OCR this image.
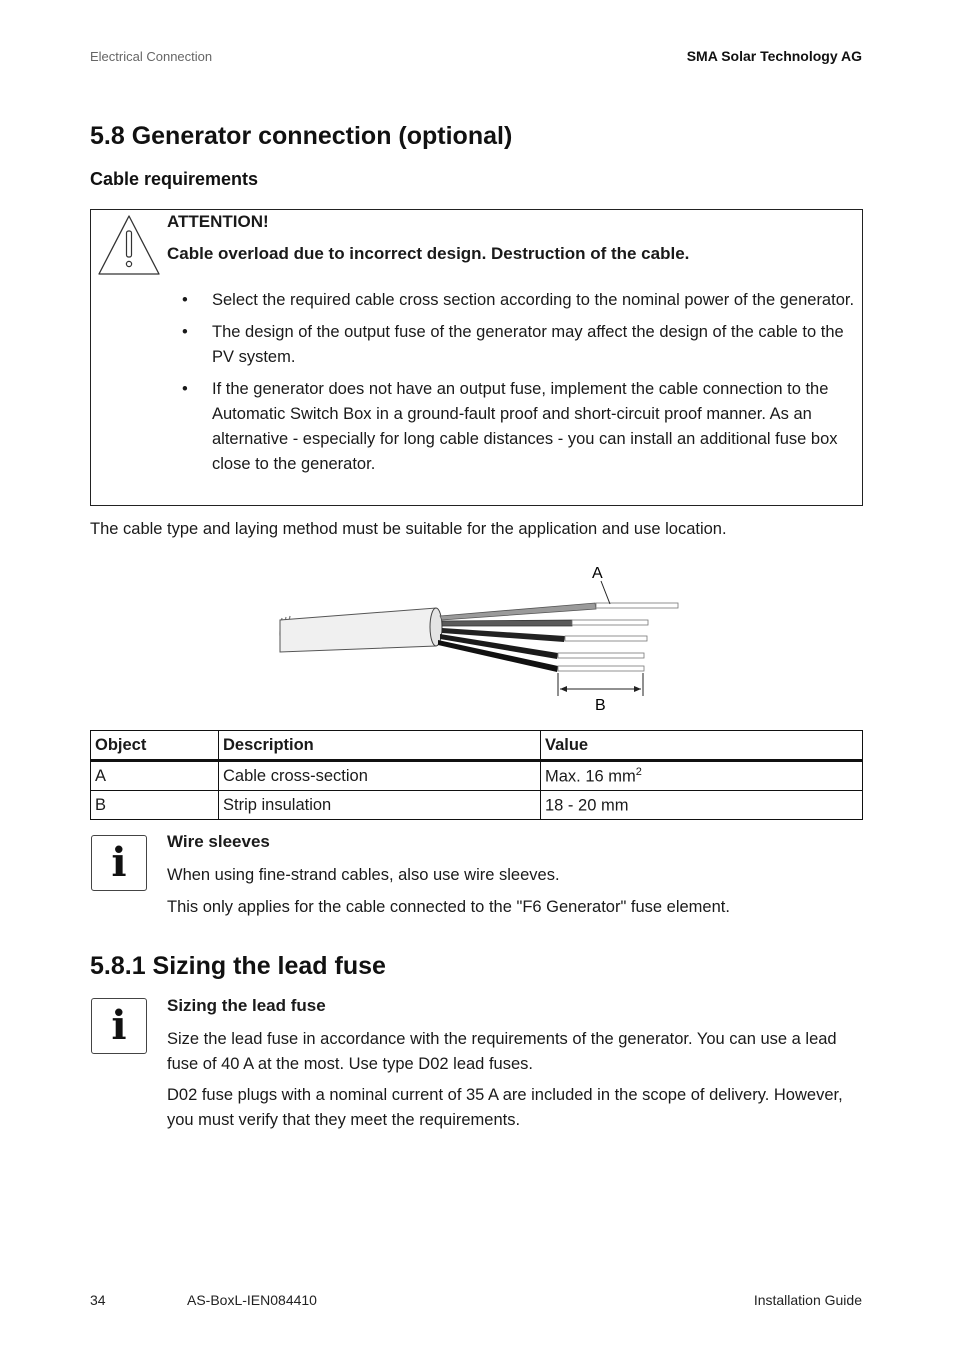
Electrical Connection	SMA Solar Technology AG
5.8 Generator connection (optional)
Cable requirements
ATTENTION!
Cable overload due to incorrect design. Destruction of the cable.
• Select the required cable cross section according to the nominal power of the generator.
• The design of the output fuse of the generator may affect the design of the cable to the PV system.
• If the generator does not have an output fuse, implement the cable connection to the Automatic Switch Box in a ground-fault proof and short-circuit proof manner. As an alternative - especially for long cable distances - you can install an additional fuse box close to the generator.
The cable type and laying method must be suitable for the application and use location.
A
B
Object	Description	Value
A	Cable cross-section	Max. 16 $mm^2$
B	Strip insulation	18 - 20 mm
i	Wire sleeves
When using fine-strand cables, also use wire sleeves.
This only applies for the cable connected to the "F6 Generator" fuse element.
5.8.1 Sizing the lead fuse
i	Sizing the lead fuse
Size the lead fuse in accordance with the requirements of the generator. You can use a lead fuse of 40 A at the most. Use type D02 lead fuses.
D02 fuse plugs with a nominal current of 35 A are included in the scope of delivery. However, you must verify that they meet the requirements.
34	AS-BoxL-IEN084410	Installation Guide
